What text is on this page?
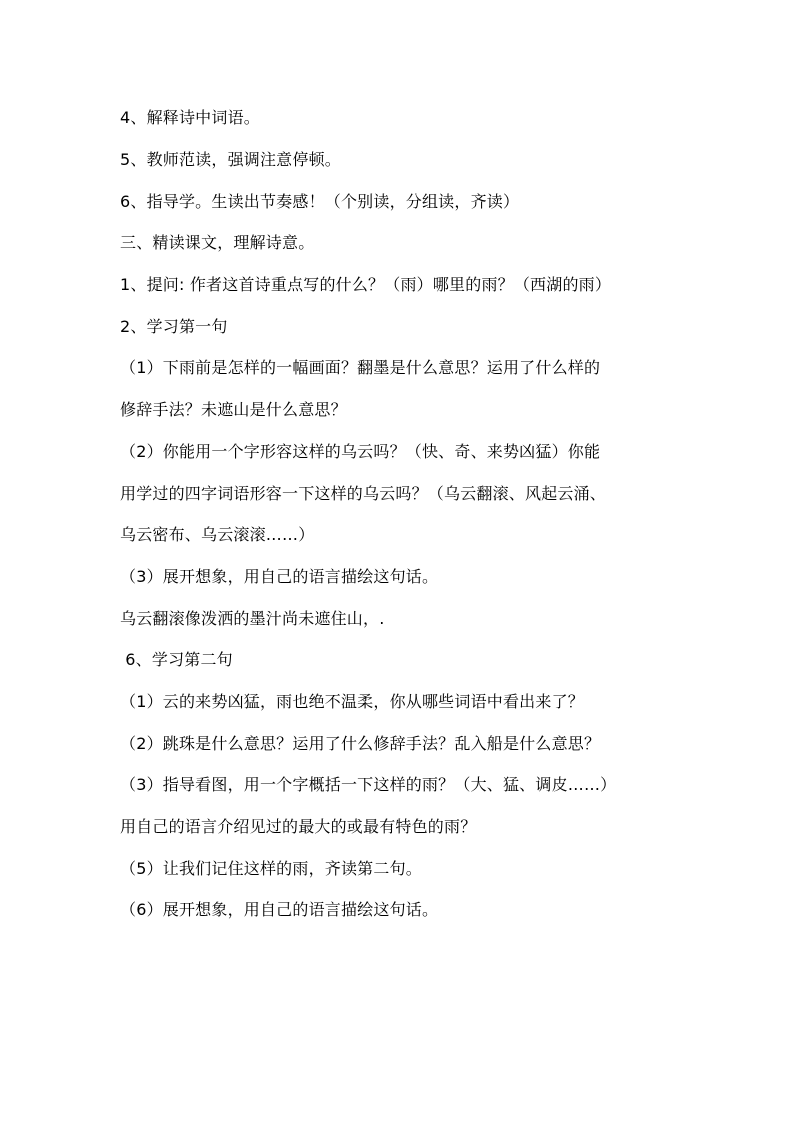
4、解释诗中词语。
5、教师范读，强调注意停顿。
6、指导学。生读出节奏感！（个别读，分组读，齐读）
三、精读课文，理解诗意。
1、提问: 作者这首诗重点写的什么？（雨）哪里的雨？（西湖的雨）
2、学习第一句
（1）下雨前是怎样的一幅画面？翻墨是什么意思？运用了什么样的
修辞手法？未遮山是什么意思？
（2）你能用一个字形容这样的乌云吗？（快、奇、来势凶猛）你能
用学过的四字词语形容一下这样的乌云吗？（乌云翻滚、风起云涌、
乌云密布、乌云滚滚……）
（3）展开想象，用自己的语言描绘这句话。
乌云翻滚像泼洒的墨汁尚未遮住山，.
6、学习第二句
（1）云的来势凶猛，雨也绝不温柔，你从哪些词语中看出来了？
（2）跳珠是什么意思？运用了什么修辞手法？乱入船是什么意思？
（3）指导看图，用一个字概括一下这样的雨？（大、猛、调皮……）
用自己的语言介绍见过的最大的或最有特色的雨？
（5）让我们记住这样的雨，齐读第二句。
（6）展开想象，用自己的语言描绘这句话。
